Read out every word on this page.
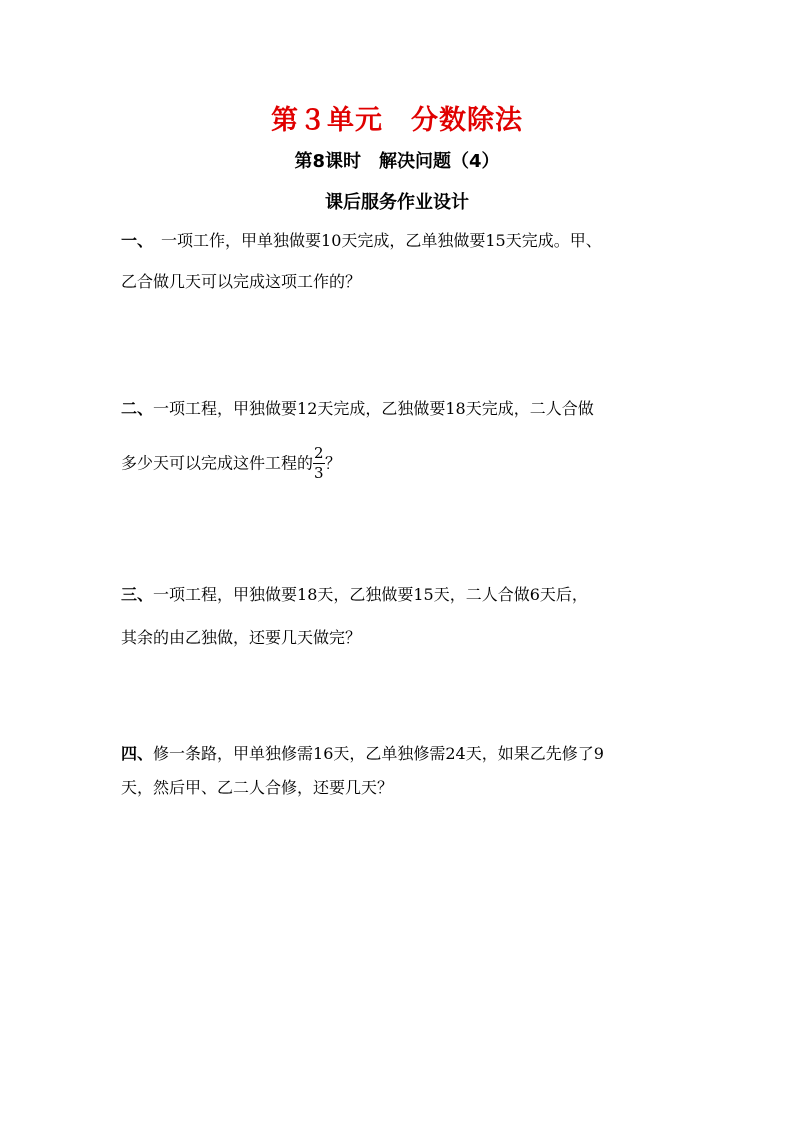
第３单元　分数除法
第8课时　解决问题（4）
课后服务作业设计
一、　一项工作，甲单独做要10天完成，乙单独做要15天完成。甲、
乙合做几天可以完成这项工作的？
二、一项工程，甲独做要12天完成，乙独做要18天完成，二人合做
多少天可以完成这件工程的 $\frac{2}{3}$ ？
三、一项工程，甲独做要18天，乙独做要15天，二人合做6天后，
其余的由乙独做，还要几天做完？
四、修一条路，甲单独修需16天，乙单独修需24天，如果乙先修了9
天，然后甲、乙二人合修，还要几天？
